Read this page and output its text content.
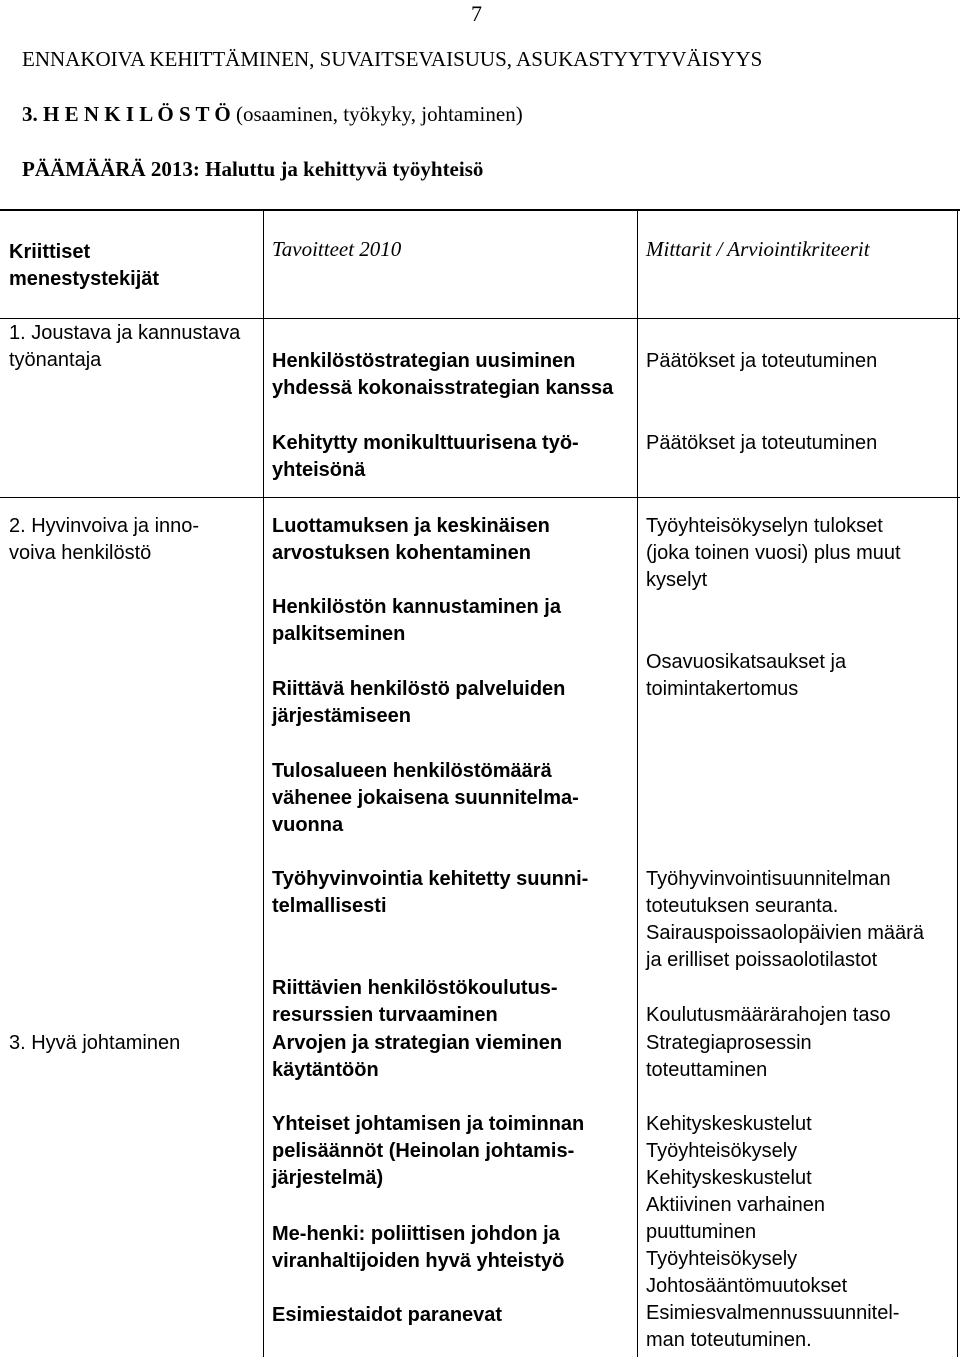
7
ENNAKOIVA KEHITTÄMINEN, SUVAITSEVAISUUS, ASUKASTYYTYVÄISYYS
3. H E N K I L Ö S T Ö (osaaminen, työkyky, johtaminen)
PÄÄMÄÄRÄ 2013: Haluttu ja kehittyvä työyhteisö
Kriittiset
menestystekijät
Tavoitteet 2010	Mittarit / Arviointikriteerit
1. Joustava ja kannustava
työnantaja
2. Hyvinvoiva ja inno-
voiva henkilöstö
3. Hyvä johtaminen
Henkilöstöstrategian uusiminen
yhdessä kokonaisstrategian kanssa
Kehitytty monikulttuurisena työ-
yhteisönä
Luottamuksen ja keskinäisen
arvostuksen kohentaminen
Henkilöstön kannustaminen ja
palkitseminen
Riittävä henkilöstö palveluiden
järjestämiseen
Tulosalueen henkilöstömäärä
vähenee jokaisena suunnitelma-
vuonna
Työhyvinvointia kehitetty suunni-
telmallisesti
Riittävien henkilöstökoulutus-
resurssien turvaaminen
Arvojen ja strategian vieminen
käytäntöön
Yhteiset johtamisen ja toiminnan
pelisäännöt (Heinolan johtamis-
järjestelmä)
Me-henki: poliittisen johdon ja
viranhaltijoiden hyvä yhteistyö
Esimiestaidot paranevat
Päätökset ja toteutuminen
Päätökset ja toteutuminen
Työyhteisökyselyn tulokset
(joka toinen vuosi) plus muut
kyselyt
Osavuosikatsaukset ja
toimintakertomus
Työhyvinvointisuunnitelman
toteutuksen seuranta.
Sairauspoissaolopäivien määrä
ja erilliset poissaolotilastot
Koulutusmäärärahojen taso
Strategiaprosessin
toteuttaminen
Kehityskeskustelut
Työyhteisökysely
Kehityskeskustelut
Aktiivinen varhainen
puuttuminen
Työyhteisökysely
Johtosääntömuutokset
Esimiesvalmennussuunnitel-
man toteutuminen.
